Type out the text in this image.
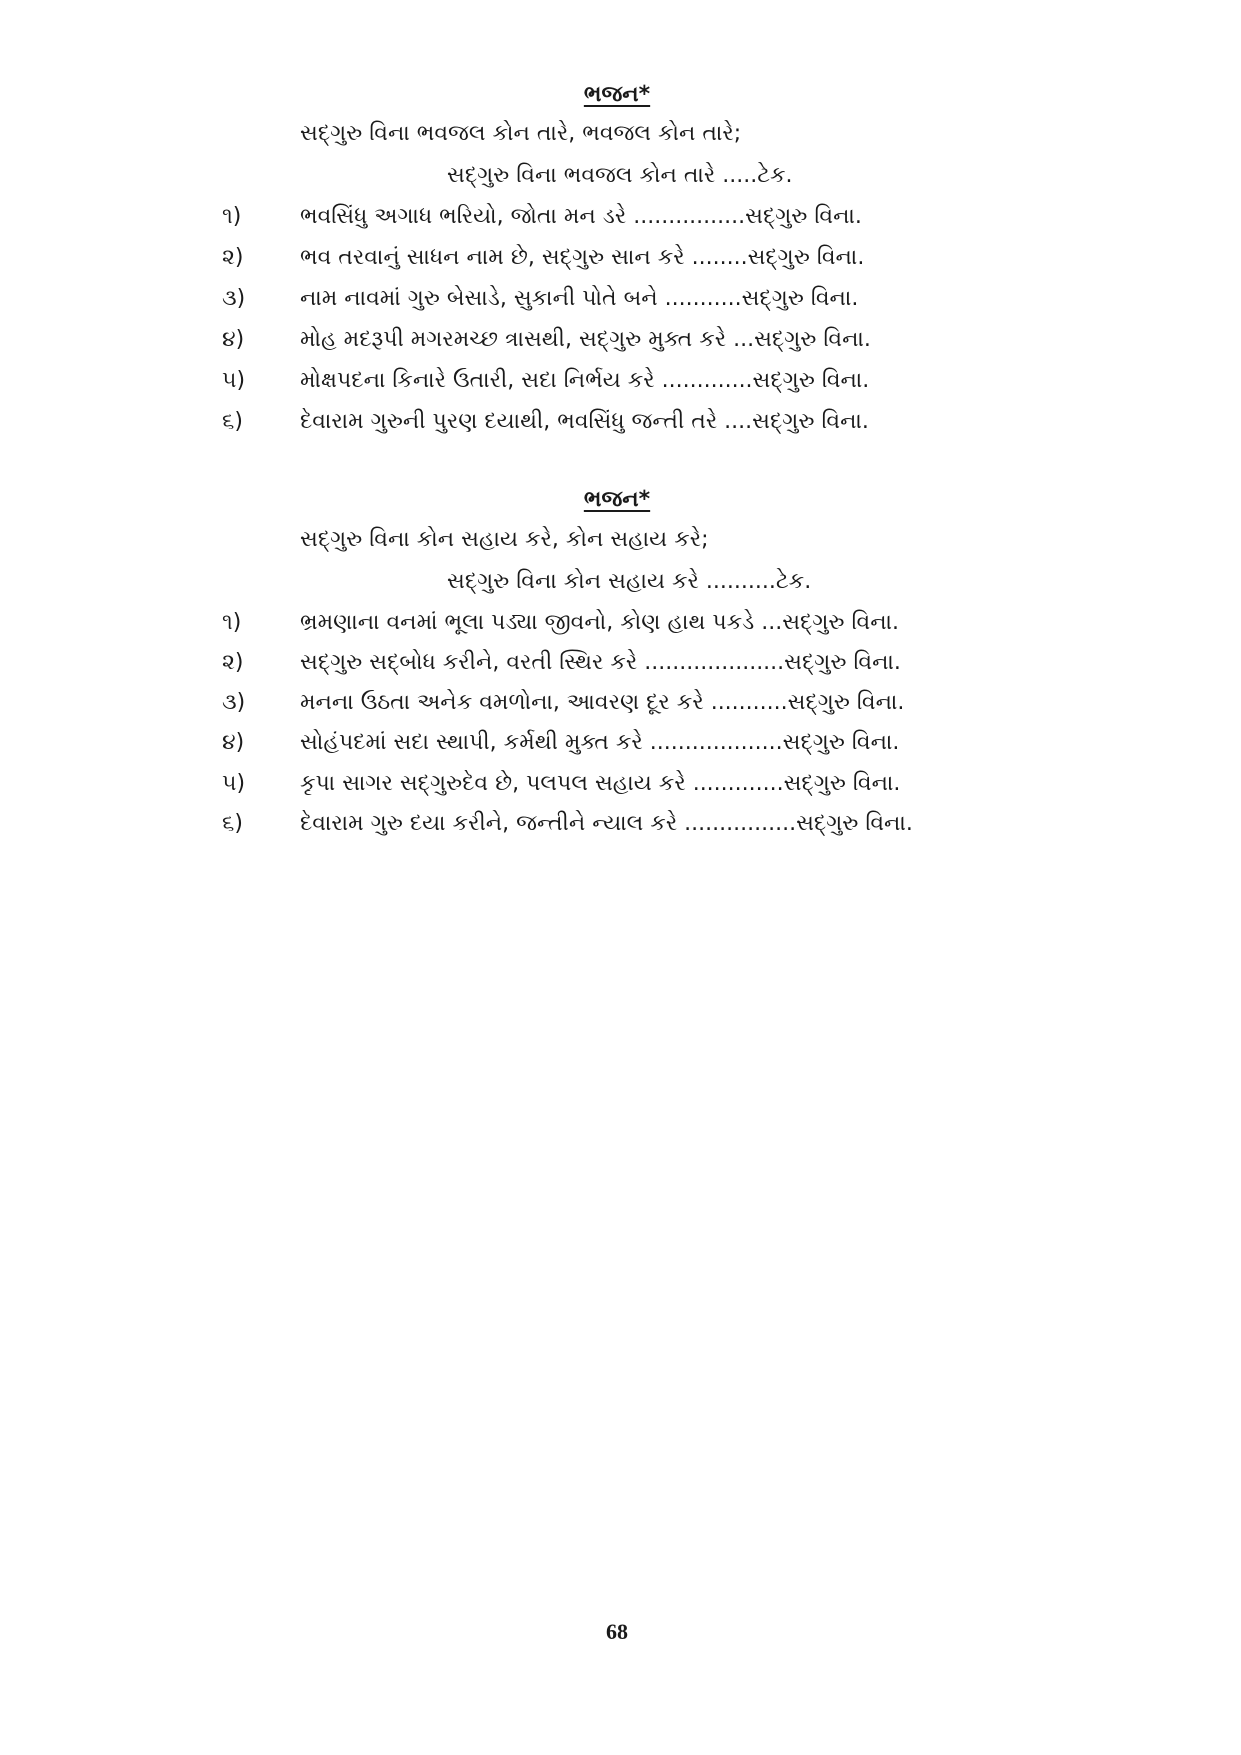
ભજન*
સદ્‌ગુરુ વિના ભવજલ કોન તારે, ભવજલ કોન તારે;
સદ્‌ગુરુ વિના ભવજલ કોન તારે .....ટેક.
૧)	ભવસિંધુ અગાધ ભરિયો, જોતા મન ડરે ................સદ્‌ગુરુ વિના.
૨)	ભવ તરવાનું સાધન નામ છે, સદ્‌ગુરુ સાન કરે ........સદ્‌ગુરુ વિના.
૩)	નામ નાવમાં ગુરુ બેસાડે, સુકાની પોતે બને ...........સદ્‌ગુરુ વિના.
૪)	મોહ મદરૂપી મગરમચ્છ ત્રાસથી, સદ્‌ગુરુ મુક્ત કરે ...સદ્‌ગુરુ વિના.
૫)	મોક્ષપદના કિનારે ઉતારી, સદા નિર્ભય કરે .............સદ્‌ગુરુ વિના.
૬)	દેવારામ ગુરુની પુરણ દયાથી, ભવસિંધુ જન્તી તરે ....સદ્‌ગુરુ વિના.
ભજન*
સદ્‌ગુરુ વિના કોન સહાય કરે, કોન સહાય કરે;
સદ્‌ગુરુ વિના કોન સહાય કરે ..........ટેક.
૧)	ભ્રમણાના વનમાં ભૂલા પડ્યા જીવનો, કોણ હાથ પકડે ...સદ્‌ગુરુ વિના.
૨)	સદ્‌ગુરુ સદ્‌બોધ કરીને, વરતી સ્થિર કરે ....................સદ્‌ગુરુ વિના.
૩)	મનના ઉઠતા અનેક વમળોના, આવરણ દૂર કરે ...........સદ્‌ગુરુ વિના.
૪)	સોહંપદમાં સદા સ્થાપી, કર્મથી મુક્ત કરે ...................સદ્‌ગુરુ વિના.
૫)	કૃપા સાગર સદ્‌ગુરુદેવ છે, પલપલ સહાય કરે .............સદ્‌ગુરુ વિના.
૬)	દેવારામ ગુરુ દયા કરીને, જન્તીને ન્યાલ કરે ................સદ્‌ગુરુ વિના.
68
